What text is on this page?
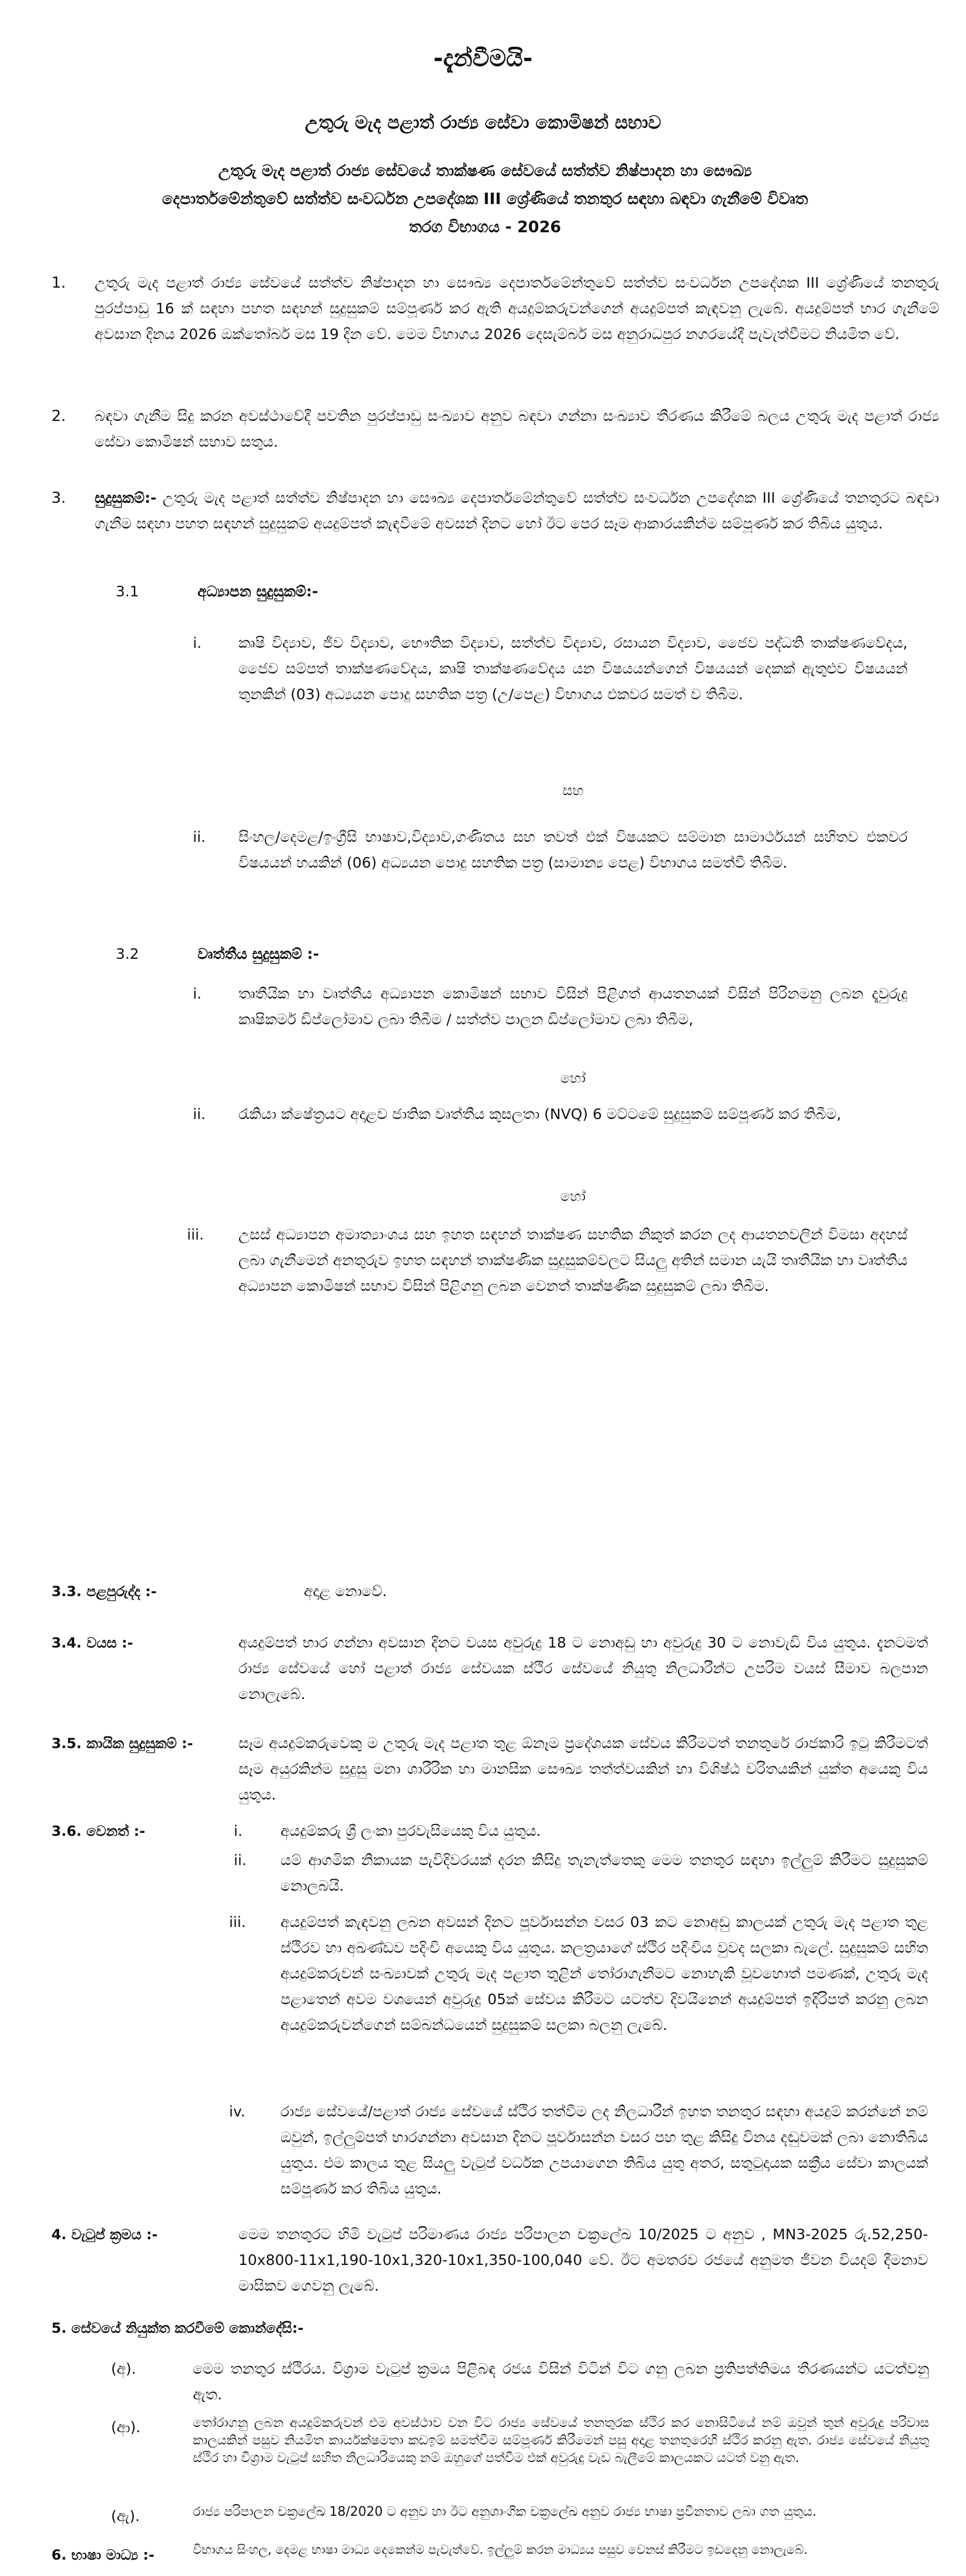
-දැන්වීමයි-
උතුරු මැද පළාත් රාජ්‍ය සේවා කොමිෂන් සභාව
උතුරු මැද පළාත් රාජ්‍ය සේවයේ තාක්ෂණ සේවයේ සත්ත්ව නිෂ්පාදන හා සෞඛ්‍ය
දෙපාර්තමේන්තුවේ සත්ත්ව සංවර්ධන උපදේශක III ශ්‍රේණියේ තනතුර සඳහා බඳවා ගැනීමේ විවෘත
තරග විභාගය - 2026
1. උතුරු මැද පළාත් රාජ්‍ය සේවයේ සත්ත්ව නිෂ්පාදන හා සෞඛ්‍ය දෙපාර්තමේන්තුවේ සත්ත්ව සංවර්ධන උපදේශක III ශ්‍රේණියේ තනතුරු පුරප්පාඩු 16 ක් සඳහා පහත සඳහන් සුදුසුකම් සම්පූර්ණ කර ඇති අයදුම්කරුවන්ගෙන් අයදුම්පත් කැඳවනු ලැබේ. අයදුම්පත් භාර ගැනීමේ අවසාන දිනය 2026 ඔක්තෝබර් මස 19 දින වේ. මෙම විභාගය 2026 දෙසැම්බර් මස අනුරාධපුර නගරයේදී පැවැත්වීමට නියමිත වේ.
2. බඳවා ගැනීම සිදු කරන අවස්ථාවේදී පවතින පුරප්පාඩු සංඛ්‍යාව අනුව බඳවා ගන්නා සංඛ්‍යාව තීරණය කිරීමේ බලය උතුරු මැද පළාත් රාජ්‍ය සේවා කොමිෂන් සභාව සතුය.
3. සුදුසුකම්:- උතුරු මැද පළාත් සත්ත්ව නිෂ්පාදන හා සෞඛ්‍ය දෙපාර්තමේන්තුවේ සත්ත්ව සංවර්ධන උපදේශක III ශ්‍රේණියේ තනතුරට බඳවා ගැනීම සඳහා පහත සඳහන් සුදුසුකම් අයදුම්පත් කැඳවීමේ අවසන් දිනට හෝ ඊට පෙර සෑම ආකාරයකින්ම සම්පූර්ණ කර තිබිය යුතුය.
3.1	අධ්‍යාපන සුදුසුකම්:-
i.	කෘෂි විද්‍යාව, ජීව විද්‍යාව, භෞතික විද්‍යාව, සත්ත්ව විද්‍යාව, රසායන විද්‍යාව, ජෛව පද්ධති තාක්ෂණවේදය, ජෛව සම්පත් තාක්ෂණවේදය, කෘෂි තාක්ෂණවේදය යන විෂයයන්ගෙන් විෂයයන් දෙකක් ඇතුළුව විෂයයන් තුනකින් (03) අධ්‍යයන පොදු සහතික පත්‍ර (උ/පෙළ) විභාගය එකවර සමත් ව තිබීම.
සහ
ii. සිංහල/දෙමළ/ඉංග්‍රීසි භාෂාව,විද්‍යාව,ගණිතය සහ තවත් එක් විෂයකට සම්මාන සාමාර්ථයන් සහිතව එකවර විෂයයන් හයකින් (06) අධ්‍යයන පොදු සහතික පත්‍ර (සාමාන්‍ය පෙළ) විභාගය සමත්වී තිබීම.
3.2	වෘත්තීය සුදුසුකම් :-
i.	තෘතීයික හා වෘත්තීය අධ්‍යාපන කොමිෂන් සභාව විසින් පිළිගත් ආයතනයක් විසින් පිරිනමනු ලබන දෑවුරුදු කෘෂිකර්ම ඩිප්ලෝමාව ලබා තිබීම / සත්ත්ව පාලන ඩිප්ලෝමාව ලබා තිබීම,
හෝ
ii. රැකියා ක්ෂේත්‍රයට අදාළව ජාතික වෘත්තීය කුසලතා (NVQ) 6 මට්ටමේ සුදුසුකම් සම්පූර්ණ කර තිබීම,
හෝ
iii. උසස් අධ්‍යාපන අමාත්‍යාංශය සහ ඉහත සඳහන් තාක්ෂණ සහතික නිකුත් කරන ලද ආයතනවලින් විමසා අදහස් ලබා ගැනීමෙන් අනතුරුව ඉහත සඳහන් තාක්ෂණික සුදුසුකම්වලට සියලු අතින් සමාන යැයි තෘතීයික හා වෘත්තීය අධ්‍යාපන කොමිෂන් සභාව විසින් පිළිගනු ලබන වෙනත් තාක්ෂණික සුදුසුකම් ලබා තිබීම.
3.3. පළපුරුද්ද :-	අදාළ නොවේ.
3.4. වයස :-	අයදුම්පත් භාර ගන්නා අවසාන දිනට වයස අවුරුදු 18 ට නොඅඩු හා අවුරුදු 30 ට නොවැඩි විය යුතුය. දැනටමත් රාජ්‍ය සේවයේ හෝ පළාත් රාජ්‍ය සේවයක ස්ථිර සේවයේ නියුතු නිලධාරීන්ට උපරිම වයස් සීමාව බලපාන නොලැබේ.
3.5. කායික සුදුසුකම් :-	සෑම අයදුම්කරුවෙකු ම උතුරු මැද පළාත තුළ ඕනෑම ප්‍රදේශයක සේවය කිරීමටත් තනතුරේ රාජකාරි ඉටු කිරීමටත් සෑම අයුරකින්ම සුදුසු මනා ශාරීරික හා මානසික සෞඛ්‍ය තත්ත්වයකින් හා විශිෂ්ඨ චරිතයකින් යුක්ත අයෙකු විය යුතුය.
3.6. වෙනත් :-	i.	අයදුම්කරු ශ්‍රී ලංකා පුරවැසියෙකු විය යුතුය.
ii. යම් ආගමික නිකායක පැවිදිවරයක් දරන කිසිදු තැනැත්තෙකු මෙම තනතුර සඳහා ඉල්ලුම් කිරීමට සුදුසුකම් නොලබයි.
iii. අයදුම්පත් කැඳවනු ලබන අවසන් දිනට පූර්වාසන්න වසර 03 කට නොඅඩු කාලයක් උතුරු මැද පළාත තුළ ස්ථිරව හා අඛණ්ඩව පදිංචි අයෙකු විය යුතුය. කලත්‍රයාගේ ස්ථිර පදිංචිය වුවද සලකා බැලේ. සුදුසුකම් සහිත අයදුම්කරුවන් සංඛ්‍යාවක් උතුරු මැද පළාත තුළින් තෝරාගැනීමට නොහැකි වූවහොත් පමණක්, උතුරු මැද පළාතෙන් අවම වශයෙන් අවුරුදු 05ක් සේවය කිරීමට යටත්ව දිවයිනෙන් අයදුම්පත් ඉදිරිපත් කරනු ලබන අයදුම්කරුවන්ගෙන් සම්බන්ධයෙන් සුදුසුකම් සලකා බලනු ලැබේ.
iv. රාජ්‍ය සේවයේ/පළාත් රාජ්‍ය සේවයේ ස්ථිර තත්වීම ලද නිලධාරීන් ඉහත තනතුර සඳහා අයදුම් කරන්නේ නම් ඔවුන්, ඉල්ලුම්පත් භාරගන්නා අවසාන දිනට පූර්වාසන්න වසර පහ තුළ කිසිදු විනය දඬුවමක් ලබා නොතිබිය යුතුය. එම කාලය තුළ සියලු වැටුප් වර්ධක උපයාගෙන තිබිය යුතු අතර, සතුටුදායක සක්‍රීය සේවා කාලයක් සම්පූර්ණ කර තිබිය යුතුය.
4. වැටුප් ක්‍රමය :-	මෙම තනතුරට හිමි වැටුප් පරිමාණය රාජ්‍ය පරිපාලන චක්‍රලේඛ 10/2025 ට අනුව , MN3-2025 රු.52,250-10x800-11x1,190-10x1,320-10x1,350-100,040 වේ. ඊට අමතරව රජයේ අනුමත ජීවන වියදම් දීමනාව මාසිකව ගෙවනු ලැබේ.
5. සේවයේ නියුක්ත කරවීමේ කොන්දේසි:-
(අ).	මෙම තනතුර ස්ථිරය. විශ්‍රාම වැටුප් ක්‍රමය පිළිබඳ රජය විසින් විටින් විට ගනු ලබන ප්‍රතිපත්තිමය තීරණයන්ට යටත්වනු ඇත.
(ආ).	තෝරාගනු ලබන අයදුම්කරුවන් එම අවස්ථාව වන විට රාජ්‍ය සේවයේ තනතුරක ස්ථිර කර නොසිටියේ නම් ඔවුන් තුන් අවුරුදු පරිවාස කාලයකින් පසුව නියමිත කාර්යක්ෂමතා කඩඉම් සමත්වීම සම්පූර්ණ කිරීමෙන් පසු අදාළ තනතුරෙහි ස්ථිර කරනු ඇත. රාජ්‍ය සේවයේ නියුතු ස්ථිර හා විශ්‍රාම වැටුප් සහිත නිලධාරියෙකු නම් ඔහුගේ පත්වීම එක් අවුරුදු වැඩ බැලීමේ කාලයකට යටත් වනු ඇත.
(ඇ).	රාජ්‍ය පරිපාලන චක්‍රලේඛ 18/2020 ට අනුව හා ඊට අනුශාංගික චක්‍රලේඛ අනුව රාජ්‍ය භාෂා ප්‍රවීනතාව ලබා ගත යුතුය.
6. භාෂා මාධ්‍ය :-	විභාගය සිංහල, දෙමළ භාෂා මාධ්‍ය දෙකෙන්ම පැවැත්වේ. ඉල්ලුම් කරන මාධ්‍යය පසුව වෙනස් කිරීමට ඉඩදෙනු නොලැබේ.
